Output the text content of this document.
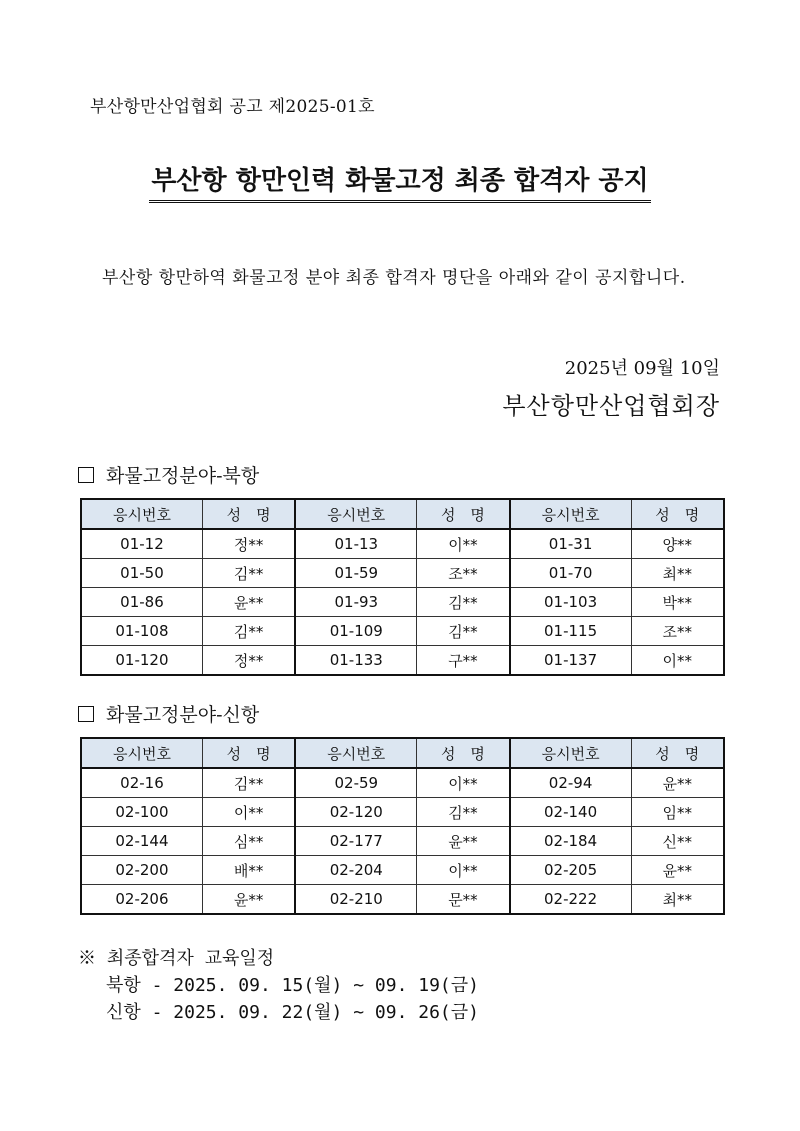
부산항만산업협회 공고 제2025-01호
부산항 항만인력 화물고정 최종 합격자 공지
부산항 항만하역 화물고정 분야 최종 합격자 명단을 아래와 같이 공지합니다.
2025년 09월 10일
부산항만산업협회장
화물고정분야-북항
응시번호	성　명	응시번호	성　명	응시번호	성　명
01-12	정**	01-13	이**	01-31	양**
01-50	김**	01-59	조**	01-70	최**
01-86	윤**	01-93	김**	01-103	박**
01-108	김**	01-109	김**	01-115	조**
01-120	정**	01-133	구**	01-137	이**
화물고정분야-신항
응시번호	성　명	응시번호	성　명	응시번호	성　명
02-16	김**	02-59	이**	02-94	윤**
02-100	이**	02-120	김**	02-140	임**
02-144	심**	02-177	윤**	02-184	신**
02-200	배**	02-204	이**	02-205	윤**
02-206	윤**	02-210	문**	02-222	최**
※ 최종합격자 교육일정
북항 - 2025. 09. 15(월) ~ 09. 19(금)
신항 - 2025. 09. 22(월) ~ 09. 26(금)
